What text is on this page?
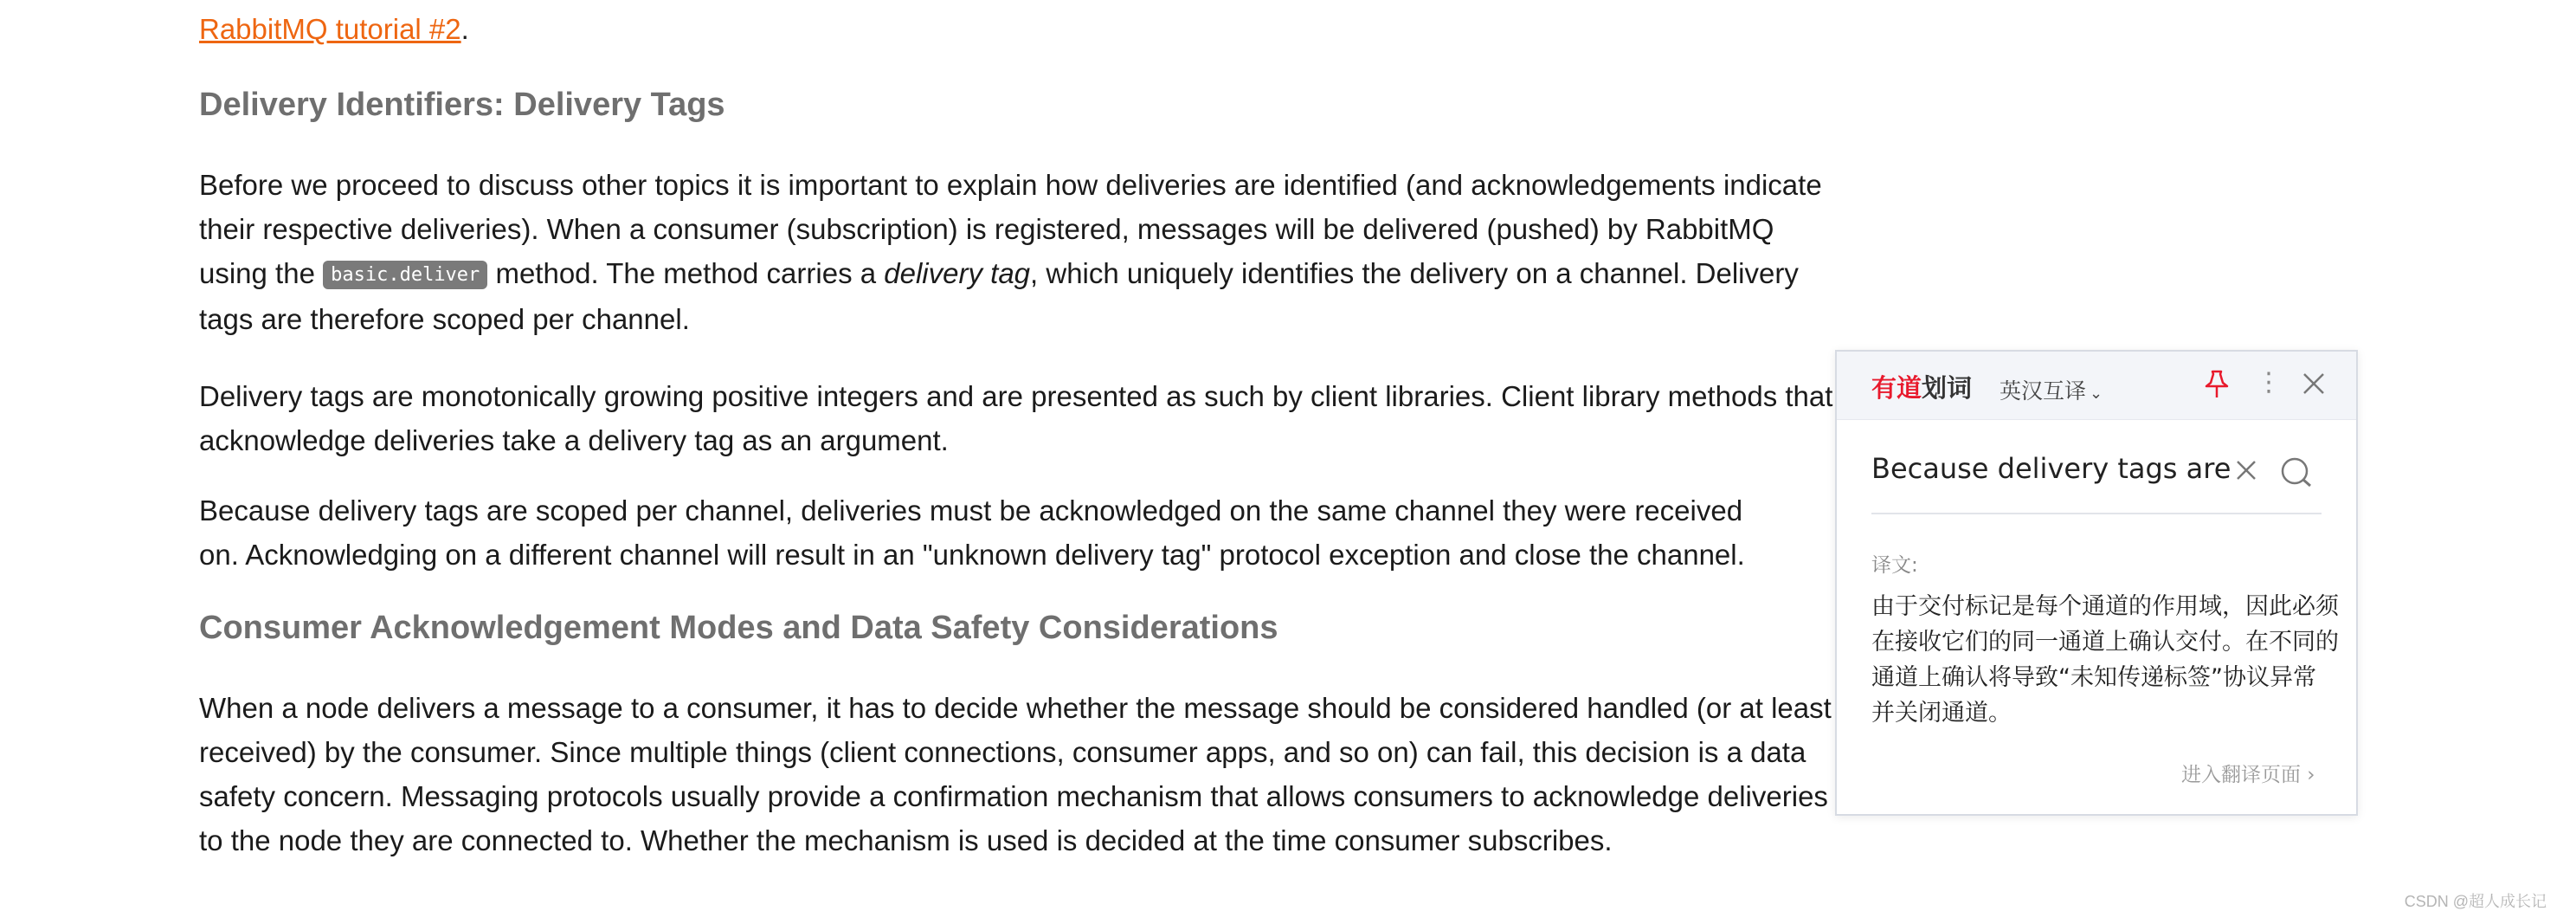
RabbitMQ tutorial #2.
Delivery Identifiers: Delivery Tags
Before we proceed to discuss other topics it is important to explain how deliveries are identified (and acknowledgements indicate their respective deliveries). When a consumer (subscription) is registered, messages will be delivered (pushed) by RabbitMQ using the basic.deliver method. The method carries a delivery tag, which uniquely identifies the delivery on a channel. Delivery tags are therefore scoped per channel.
Delivery tags are monotonically growing positive integers and are presented as such by client libraries. Client library methods that acknowledge deliveries take a delivery tag as an argument.
Because delivery tags are scoped per channel, deliveries must be acknowledged on the same channel they were received
on. Acknowledging on a different channel will result in an "unknown delivery tag" protocol exception and close the channel.
Consumer Acknowledgement Modes and Data Safety Considerations
When a node delivers a message to a consumer, it has to decide whether the message should be considered handled (or at least received) by the consumer. Since multiple things (client connections, consumer apps, and so on) can fail, this decision is a data safety concern. Messaging protocols usually provide a confirmation mechanism that allows consumers to acknowledge deliveries to the node they are connected to. Whether the mechanism is used is decided at the time consumer subscribes.
有道划词 英汉互译 ⌄	⋮
Because delivery tags are
译文:
由于交付标记是每个通道的作用域，因此必须在接收它们的同一通道上确认交付。在不同的通道上确认将导致“未知传递标签”协议异常并关闭通道。
进入翻译页面 ›
CSDN @超人成长记
